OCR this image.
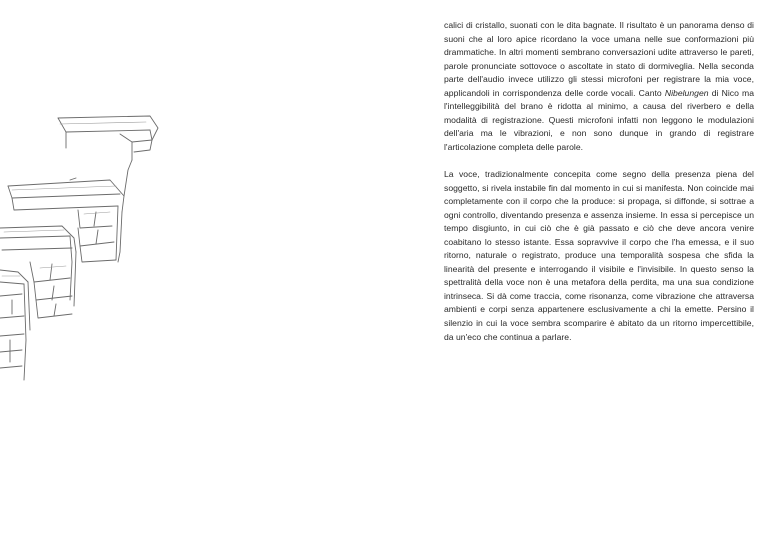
calici di cristallo, suonati con le dita bagnate. Il risultato è un panorama denso di suoni che al loro apice ricordano la voce umana nelle sue conformazioni più drammatiche. In altri momenti sembrano conversazioni udite attraverso le pareti, parole pronunciate sottovoce o ascoltate in stato di dormiveglia. Nella seconda parte dell'audio invece utilizzo gli stessi microfoni per registrare la mia voce, applicandoli in corrispondenza delle corde vocali. Canto Nibelungen di Nico ma l'intelleggibilità del brano è ridotta al minimo, a causa del riverbero e della modalità di registrazione. Questi microfoni infatti non leggono le modulazioni dell'aria ma le vibrazioni, e non sono dunque in grando di registrare l'articolazione completa delle parole.

La voce, tradizionalmente concepita come segno della presenza piena del soggetto, si rivela instabile fin dal momento in cui si manifesta. Non coincide mai completamente con il corpo che la produce: si propaga, si diffonde, si sottrae a ogni controllo, diventando presenza e assenza insieme. In essa si percepisce un tempo disgiunto, in cui ciò che è già passato e ciò che deve ancora venire coabitano lo stesso istante. Essa sopravvive il corpo che l'ha emessa, e il suo ritorno, naturale o registrato, produce una temporalità sospesa che sfida la linearità del presente e interrogando il visibile e l'invisibile. In questo senso la spettralità della voce non è una metafora della perdita, ma una sua condizione intrinseca. Si dà come traccia, come risonanza, come vibrazione che attraversa ambienti e corpi senza appartenere esclusivamente a chi la emette. Persino il silenzio in cui la voce sembra scomparire è abitato da un ritorno impercettibile, da un'eco che continua a parlare.
